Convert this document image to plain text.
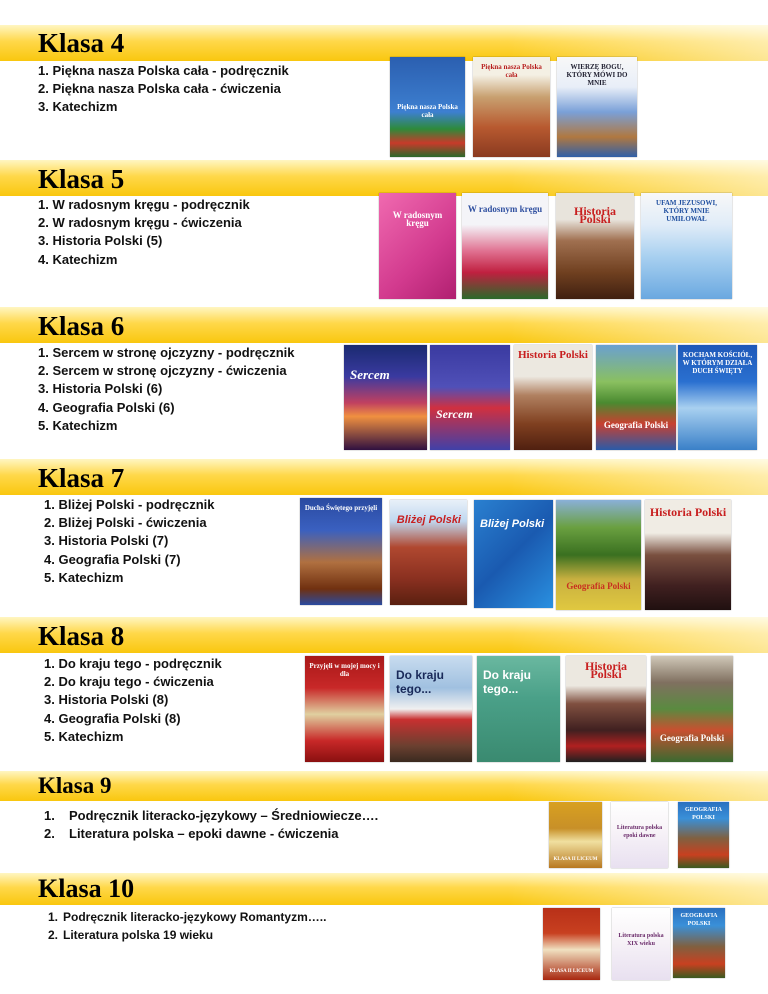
Klasa 4
1. Piękna nasza Polska cała - podręcznik
2. Piękna nasza Polska cała - ćwiczenia
3. Katechizm	Piękna nasza Polska cała
Piękna nasza Polska cała
WIERZĘ BOGU, KTÓRY MÓWI DO MNIE
Klasa 5
1. W radosnym kręgu - podręcznik
2. W radosnym kręgu - ćwiczenia
3. Historia Polski (5)
4. Katechizm
W radosnym kręgu
W radosnym kręgu	Historia Polski
UFAM JEZUSOWI, KTÓRY MNIE UMIŁOWAŁ
Klasa 6
1. Sercem w stronę ojczyzny - podręcznik
2. Sercem w stronę ojczyzny - ćwiczenia
3. Historia Polski (6)
4. Geografia Polski (6)
5. Katechizm
Sercem
Sercem
Historia Polski
Geografia Polski
KOCHAM KOŚCIÓŁ, W KTÓRYM DZIAŁA DUCH ŚWIĘTY
Klasa 7
1. Bliżej Polski - podręcznik
2. Bliżej Polski - ćwiczenia
3. Historia Polski (7)
4. Geografia Polski (7)
5. Katechizm
Ducha Świętego przyjęli
Bliżej Polski Bliżej Polski
Geografia Polski
Historia Polski
Klasa 8
1. Do kraju tego - podręcznik
2. Do kraju tego - ćwiczenia
3. Historia Polski (8)
4. Geografia Polski (8)
5. Katechizm
Przyjęli w mojej mocy i dla	Do kraju tego...
Do kraju tego...
Historia Polski
Geografia Polski
Klasa 9
1. Podręcznik literacko-językowy – Średniowiecze….
2. Literatura polska – epoki dawne - ćwiczenia
KLASA II LICEUM
Literatura polska epoki dawne
GEOGRAFIA POLSKI
Klasa 10
1. Podręcznik literacko-językowy Romantyzm…..
2. Literatura polska 19 wieku
KLASA II LICEUM
Literatura polska XIX wieku
GEOGRAFIA POLSKI
